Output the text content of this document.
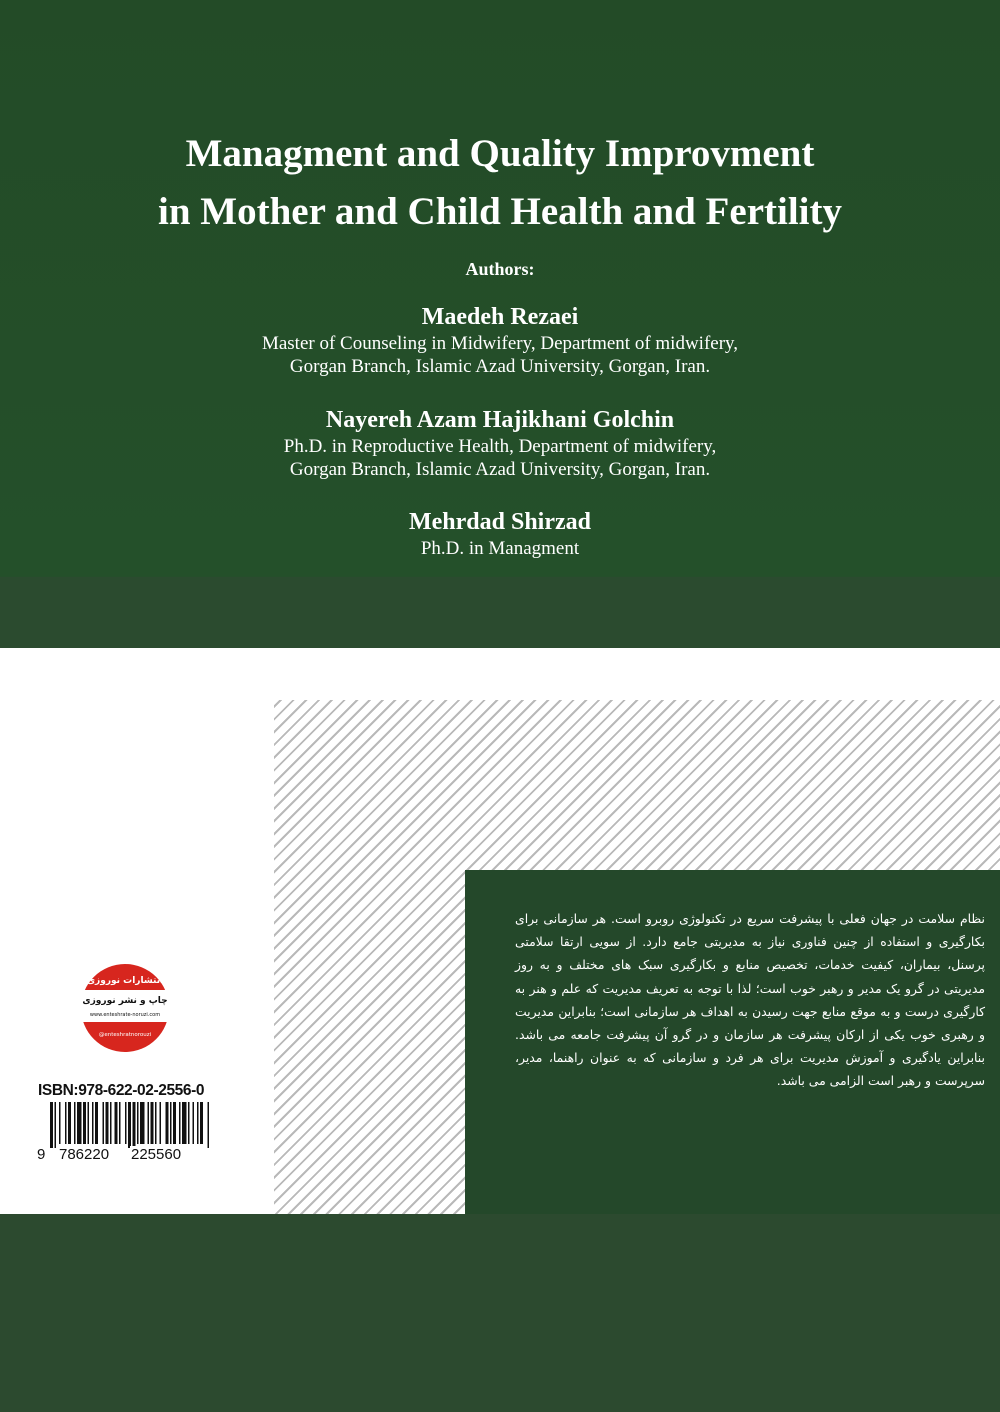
Managment and Quality Improvment
in Mother and Child Health and Fertility
Authors:
Maedeh Rezaei
Master of Counseling in Midwifery, Department of midwifery,
Gorgan Branch, Islamic Azad University, Gorgan, Iran.
Nayereh Azam Hajikhani Golchin
Ph.D. in Reproductive Health, Department of midwifery,
Gorgan Branch, Islamic Azad University, Gorgan, Iran.
Mehrdad Shirzad
Ph.D. in Managment
نظام سلامت در جهان فعلی با پیشرفت سریع در تکنولوژی روبرو است. هر سازمانی برای بکارگیری و استفاده از چنین فناوری نیاز به مدیریتی جامع دارد. از سویی ارتقا سلامتی پرسنل، بیماران، کیفیت خدمات، تخصیص منابع و بکارگیری سبک های مختلف و به روز مدیریتی در گرو یک مدیر و رهبر خوب است؛ لذا با توجه به تعریف مدیریت که علم و هنر به کارگیری درست و به موقع منابع جهت رسیدن به اهداف هر سازمانی است؛ بنابراین مدیریت و رهبری خوب یکی از ارکان پیشرفت هر سازمان و در گرو آن پیشرفت جامعه می باشد. بنابراین یادگیری و آموزش مدیریت برای هر فرد و سازمانی که به عنوان راهنما، مدیر، سرپرست و رهبر است الزامی می باشد.
انتشارات نوروزی
چاپ و نشر نوروزی
www.enteshrate-noruzi.com
@enteshratnorouzi
ISBN:978-622-02-2556-0
9 786220 225560
